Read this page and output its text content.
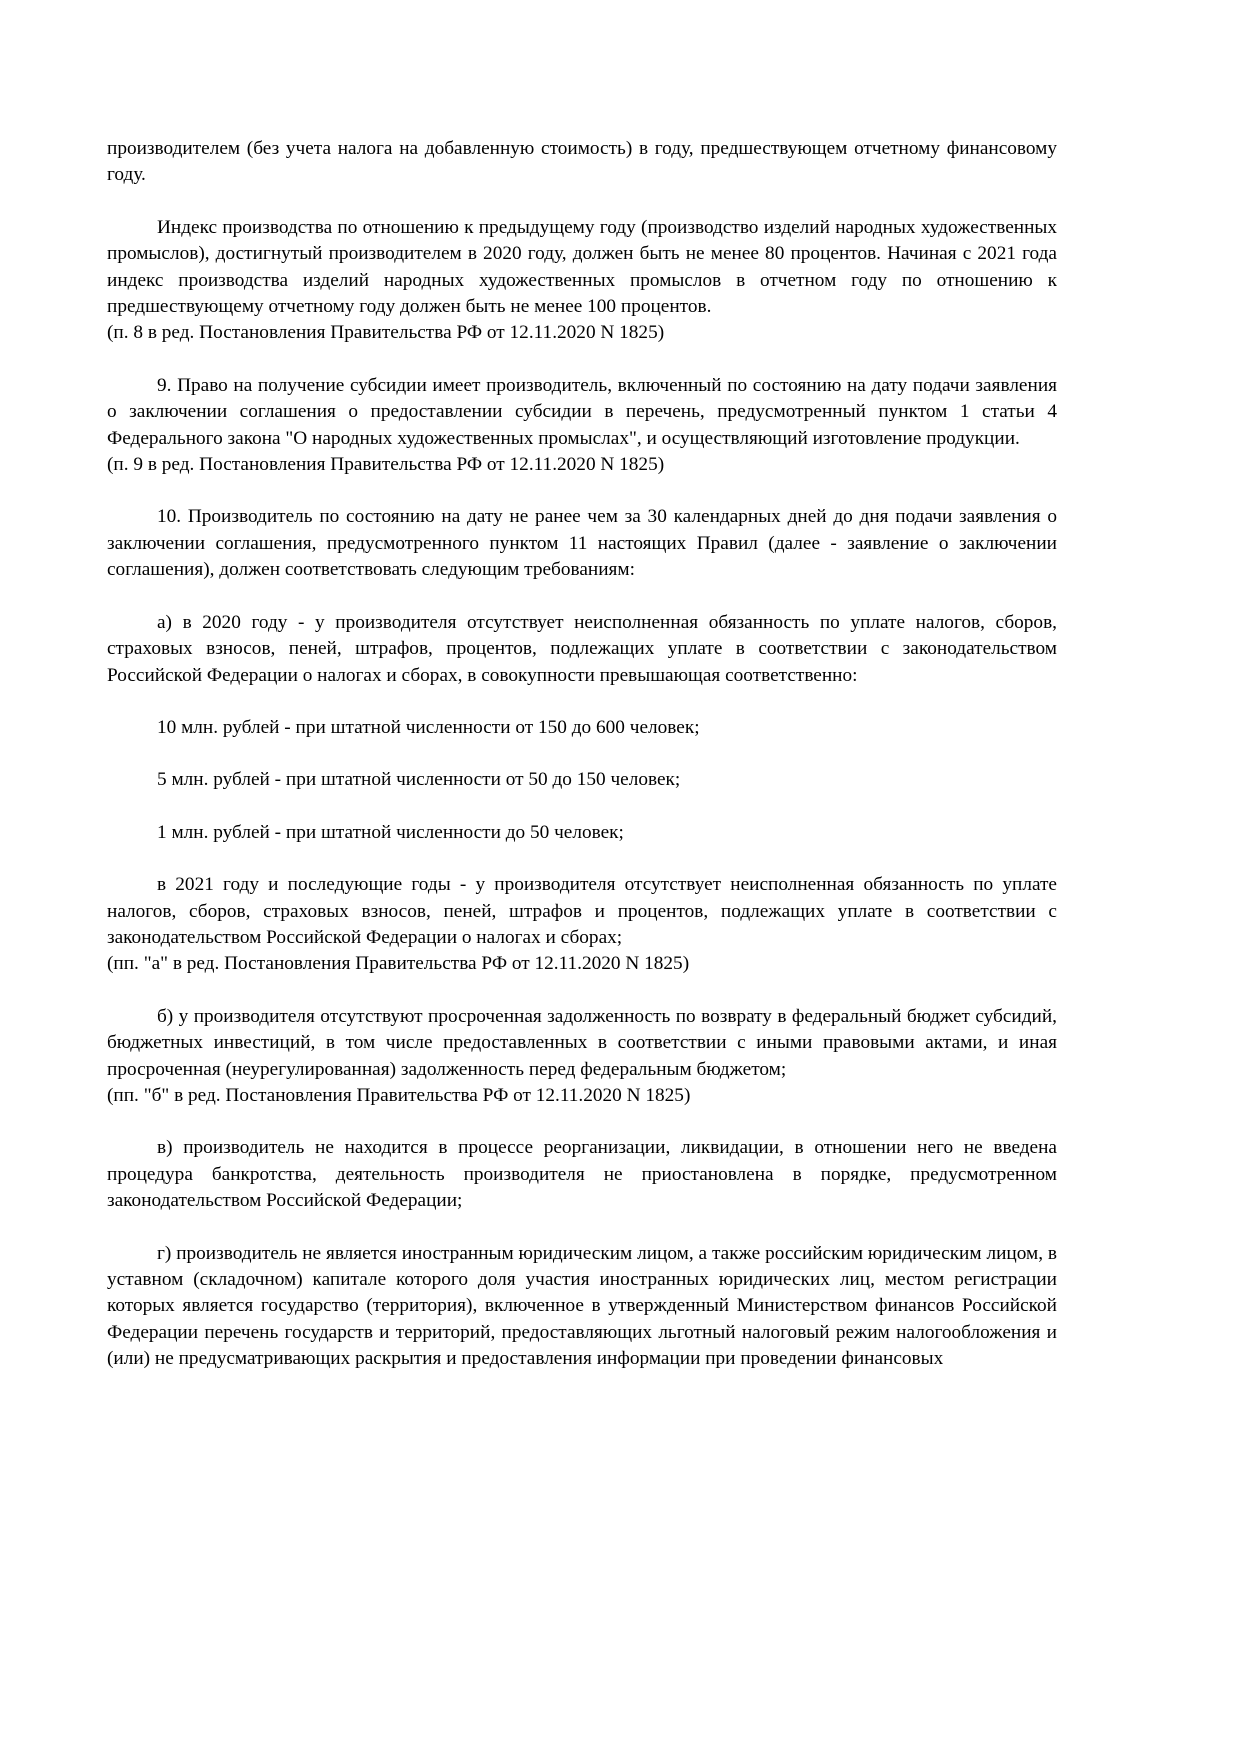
производителем (без учета налога на добавленную стоимость) в году, предшествующем отчетному финансовому году.

Индекс производства по отношению к предыдущему году (производство изделий народных художественных промыслов), достигнутый производителем в 2020 году, должен быть не менее 80 процентов. Начиная с 2021 года индекс производства изделий народных художественных промыслов в отчетном году по отношению к предшествующему отчетному году должен быть не менее 100 процентов.

(п. 8 в ред. Постановления Правительства РФ от 12.11.2020 N 1825)

9. Право на получение субсидии имеет производитель, включенный по состоянию на дату подачи заявления о заключении соглашения о предоставлении субсидии в перечень, предусмотренный пунктом 1 статьи 4 Федерального закона "О народных художественных промыслах", и осуществляющий изготовление продукции.

(п. 9 в ред. Постановления Правительства РФ от 12.11.2020 N 1825)

10. Производитель по состоянию на дату не ранее чем за 30 календарных дней до дня подачи заявления о заключении соглашения, предусмотренного пунктом 11 настоящих Правил (далее - заявление о заключении соглашения), должен соответствовать следующим требованиям:

а) в 2020 году - у производителя отсутствует неисполненная обязанность по уплате налогов, сборов, страховых взносов, пеней, штрафов, процентов, подлежащих уплате в соответствии с законодательством Российской Федерации о налогах и сборах, в совокупности превышающая соответственно:

10 млн. рублей - при штатной численности от 150 до 600 человек;

5 млн. рублей - при штатной численности от 50 до 150 человек;

1 млн. рублей - при штатной численности до 50 человек;

в 2021 году и последующие годы - у производителя отсутствует неисполненная обязанность по уплате налогов, сборов, страховых взносов, пеней, штрафов и процентов, подлежащих уплате в соответствии с законодательством Российской Федерации о налогах и сборах;

(пп. "а" в ред. Постановления Правительства РФ от 12.11.2020 N 1825)

б) у производителя отсутствуют просроченная задолженность по возврату в федеральный бюджет субсидий, бюджетных инвестиций, в том числе предоставленных в соответствии с иными правовыми актами, и иная просроченная (неурегулированная) задолженность перед федеральным бюджетом;

(пп. "б" в ред. Постановления Правительства РФ от 12.11.2020 N 1825)

в) производитель не находится в процессе реорганизации, ликвидации, в отношении него не введена процедура банкротства, деятельность производителя не приостановлена в порядке, предусмотренном законодательством Российской Федерации;

г) производитель не является иностранным юридическим лицом, а также российским юридическим лицом, в уставном (складочном) капитале которого доля участия иностранных юридических лиц, местом регистрации которых является государство (территория), включенное в утвержденный Министерством финансов Российской Федерации перечень государств и территорий, предоставляющих льготный налоговый режим налогообложения и (или) не предусматривающих раскрытия и предоставления информации при проведении финансовых
